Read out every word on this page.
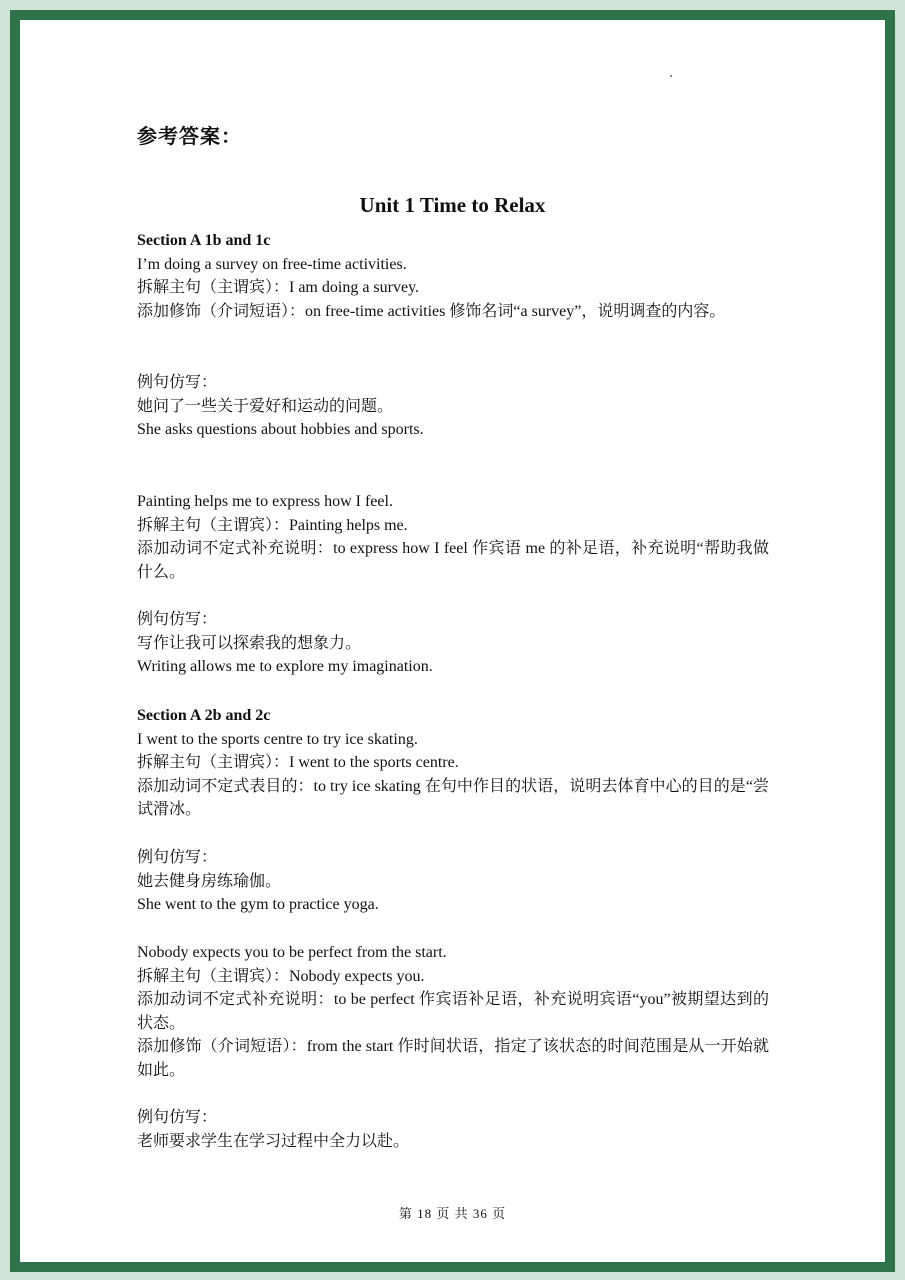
参考答案：
Unit 1 Time to Relax
Section A 1b and 1c
I’m doing a survey on free-time activities.
拆解主句（主谓宾）：I am doing a survey.
添加修饰（介词短语）：on free-time activities 修饰名词“a survey”，说明调查的内容。
例句仿写：
她问了一些关于爱好和运动的问题。
She asks questions about hobbies and sports.
Painting helps me to express how I feel.
拆解主句（主谓宾）：Painting helps me.
添加动词不定式补充说明：to express how I feel 作宾语 me 的补足语，补充说明“帮助我做什么。
例句仿写：
写作让我可以探索我的想象力。
Writing allows me to explore my imagination.
Section A 2b and 2c
I went to the sports centre to try ice skating.
拆解主句（主谓宾）：I went to the sports centre.
添加动词不定式表目的：to try ice skating 在句中作目的状语，说明去体育中心的目的是“尝试滑冰。
例句仿写：
她去健身房练瑜伽。
She went to the gym to practice yoga.
Nobody expects you to be perfect from the start.
拆解主句（主谓宾）：Nobody expects you.
添加动词不定式补充说明：to be perfect 作宾语补足语，补充说明宾语“you”被期望达到的状态。
添加修饰（介词短语）：from the start 作时间状语，指定了该状态的时间范围是从一开始就如此。
例句仿写：
老师要求学生在学习过程中全力以赴。
第 18 页 共 36 页
